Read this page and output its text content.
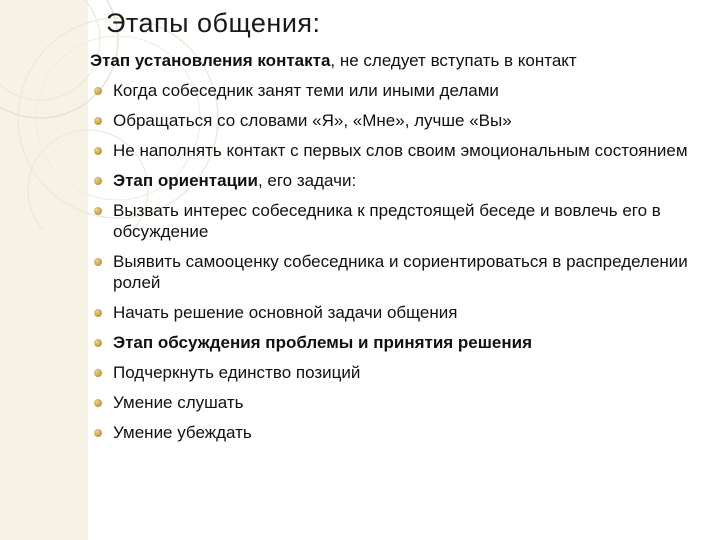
Этапы общения:

Этап установления контакта, не следует вступать в контакт

Когда собеседник занят теми или иными делами
Обращаться со словами «Я», «Мне», лучше «Вы»
Не наполнять контакт с первых слов своим эмоциональным состоянием
Этап ориентации, его задачи:
Вызвать интерес собеседника к предстоящей беседе и вовлечь его в обсуждение
Выявить самооценку собеседника и сориентироваться в распределении ролей
Начать решение основной задачи общения
Этап обсуждения проблемы и принятия решения
Подчеркнуть единство позиций
Умение слушать
Умение убеждать
